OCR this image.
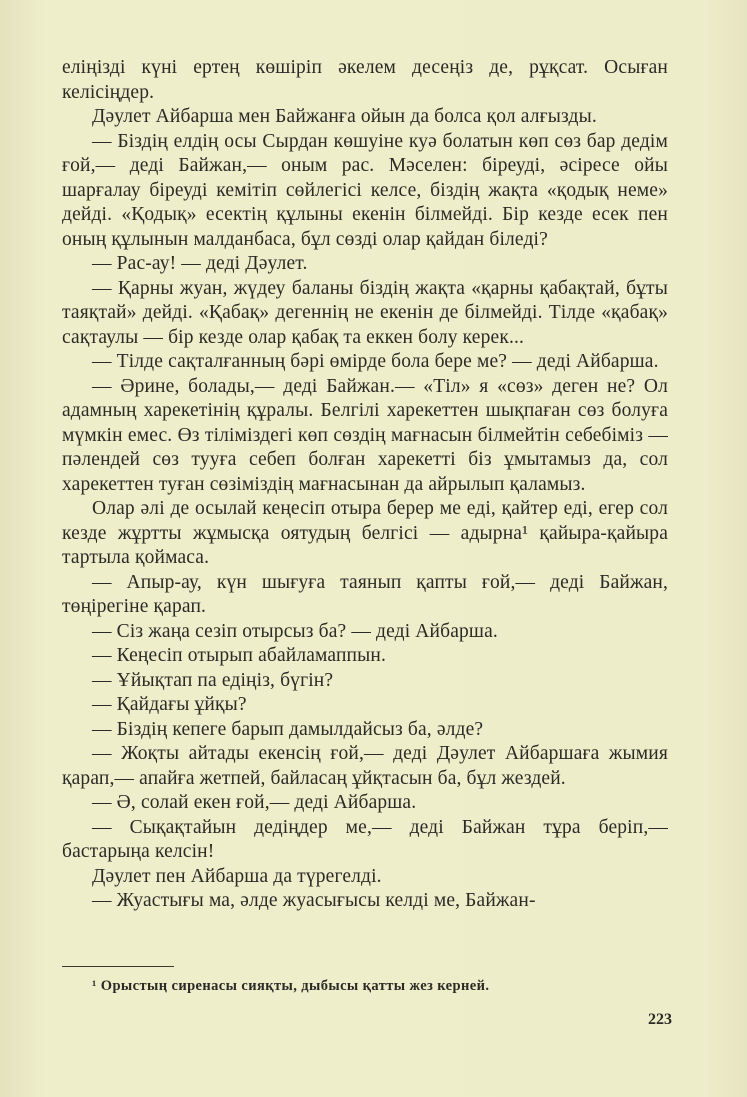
еліңізді күні ертең көшіріп әкелем десеңіз де, рұқсат. Осыған келісіңдер.

Дәулет Айбарша мен Байжанға ойын да болса қол алғызды.

— Біздің елдің осы Сырдан көшуіне куә болатын көп сөз бар дедім ғой,— деді Байжан,— оным рас. Мәселен: біреуді, әсіресе ойы шарғалау біреуді кемітіп сөйлегісі келсе, біздің жақта «қодық неме» дейді. «Қодық» есектің құлыны екенін білмейді. Бір кезде есек пен оның құлынын малданбаса, бұл сөзді олар қайдан біледі?

— Рас-ау! — деді Дәулет.

— Қарны жуан, жүдеу баланы біздің жақта «қарны қабақтай, бұты таяқтай» дейді. «Қабақ» дегеннің не екенін де білмейді. Тілде «қабақ» сақтаулы — бір кезде олар қабақ та еккен болу керек...

— Тілде сақталғанның бәрі өмірде бола бере ме? — деді Айбарша.

— Әрине, болады,— деді Байжан.— «Тіл» я «сөз» деген не? Ол адамның харекетінің құралы. Белгілі харекеттен шықпаған сөз болуға мүмкін емес. Өз тіліміздегі көп сөздің мағнасын білмейтін себебіміз — пәлендей сөз тууға себеп болған харекетті біз ұмытамыз да, сол харекеттен туған сөзіміздің мағнасынан да айрылып қаламыз.

Олар әлі де осылай кеңесіп отыра берер ме еді, қайтер еді, егер сол кезде жұртты жұмысқа оятудың белгісі — адырна¹ қайыра-қайыра тартыла қоймаса.

— Апыр-ау, күн шығуға таянып қапты ғой,— деді Байжан, төңірегіне қарап.

— Сіз жаңа сезіп отырсыз ба? — деді Айбарша.

— Кеңесіп отырып абайламаппын.

— Ұйықтап па едіңіз, бүгін?

— Қайдағы ұйқы?

— Біздің кепеге барып дамылдайсыз ба, әлде?

— Жоқты айтады екенсің ғой,— деді Дәулет Айбаршаға жымия қарап,— апайға жетпей, байласаң ұйқтасын ба, бұл жездей.

— Ә, солай екен ғой,— деді Айбарша.

— Сықақтайын дедіңдер ме,— деді Байжан тұра беріп,— бастарыңа келсін!

Дәулет пен Айбарша да түрегелді.

— Жуастығы ма, әлде жуасығысы келді ме, Байжан-

¹ Орыстың сиренасы сияқты, дыбысы қатты жез керней.
223
